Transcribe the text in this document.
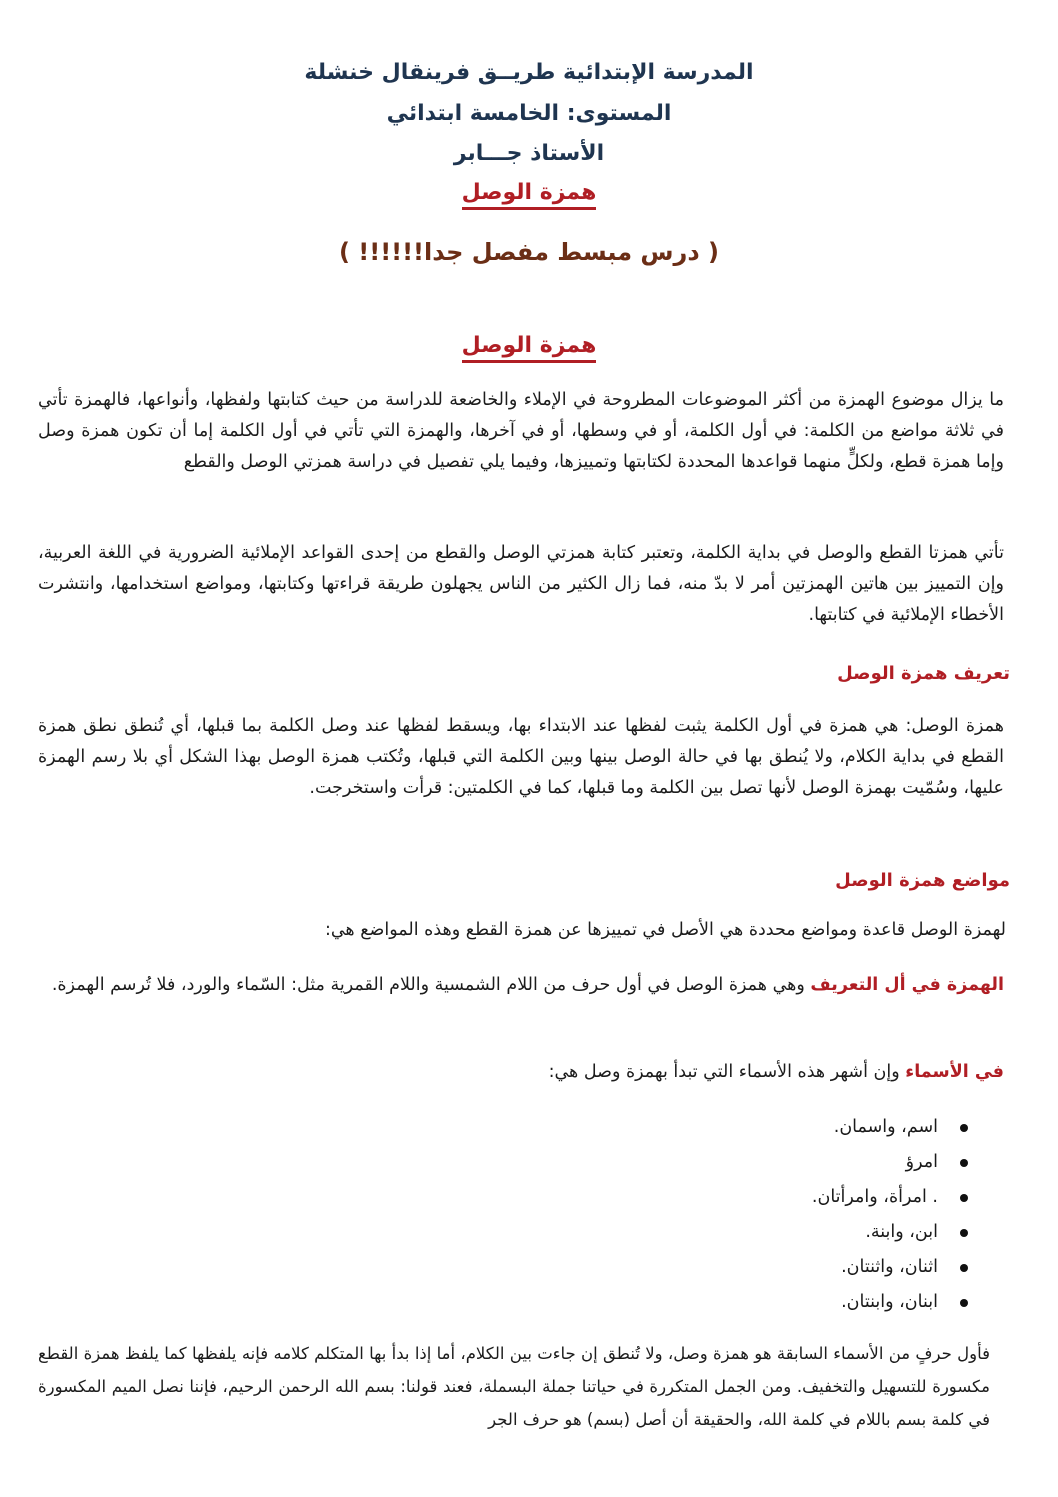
المدرسة الإبتدائية طريــق فرينقال خنشلة
المستوى: الخامسة ابتدائي
الأستاذ جـــابر
همزة الوصل
( درس مبسط مفصل جدا!!!!!! )
همزة الوصل
ما يزال موضوع الهمزة من أكثر الموضوعات المطروحة في الإملاء والخاضعة للدراسة من حيث كتابتها ولفظها، وأنواعها، فالهمزة تأتي في ثلاثة مواضع من الكلمة: في أول الكلمة، أو في وسطها، أو في آخرها، والهمزة التي تأتي في أول الكلمة إما أن تكون همزة وصل وإما همزة قطع، ولكلٍّ منهما قواعدها المحددة لكتابتها وتمييزها، وفيما يلي تفصيل في دراسة همزتي الوصل والقطع
تأتي همزتا القطع والوصل في بداية الكلمة، وتعتبر كتابة همزتي الوصل والقطع من إحدى القواعد الإملائية الضرورية في اللغة العربية، وإن التمييز بين هاتين الهمزتين أمر لا بدّ منه، فما زال الكثير من الناس يجهلون طريقة قراءتها وكتابتها، ومواضع استخدامها، وانتشرت الأخطاء الإملائية في كتابتها.
تعريف همزة الوصل
همزة الوصل: هي همزة في أول الكلمة يثبت لفظها عند الابتداء بها، ويسقط لفظها عند وصل الكلمة بما قبلها، أي تُنطق نطق همزة القطع في بداية الكلام، ولا يُنطق بها في حالة الوصل بينها وبين الكلمة التي قبلها، وتُكتب همزة الوصل بهذا الشكل أي بلا رسم الهمزة عليها، وسُمّيت بهمزة الوصل لأنها تصل بين الكلمة وما قبلها، كما في الكلمتين: قرأت واستخرجت.
مواضع همزة الوصل
لهمزة الوصل قاعدة ومواضع محددة هي الأصل في تمييزها عن همزة القطع وهذه المواضع هي:
الهمزة في أل التعريف وهي همزة الوصل في أول حرف من اللام الشمسية واللام القمرية مثل: السّماء والورد، فلا تُرسم الهمزة.
في الأسماء وإن أشهر هذه الأسماء التي تبدأ بهمزة وصل هي:
اسم، واسمان.
امرؤ
. امرأة، وامرأتان.
ابن، وابنة.
اثنان، واثنتان.
ابنان، وابنتان.
فأول حرفٍ من الأسماء السابقة هو همزة وصل، ولا تُنطق إن جاءت بين الكلام، أما إذا بدأ بها المتكلم كلامه فإنه يلفظها كما يلفظ همزة القطع مكسورة للتسهيل والتخفيف. ومن الجمل المتكررة في حياتنا جملة البسملة، فعند قولنا: بسم الله الرحمن الرحيم، فإننا نصل الميم المكسورة في كلمة بسم باللام في كلمة الله، والحقيقة أن أصل (بسم) هو حرف الجر
